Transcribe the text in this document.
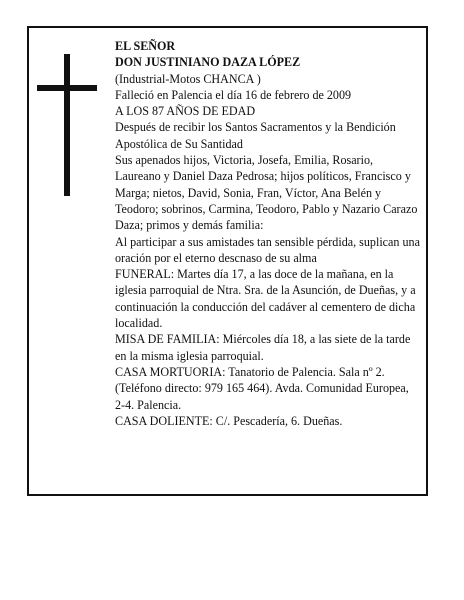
EL SEÑOR

DON JUSTINIANO DAZA LÓPEZ

(Industrial-Motos CHANCA )

Falleció en Palencia el día 16 de febrero de 2009

A LOS 87 AÑOS DE EDAD

Después de recibir los Santos Sacramentos y la Bendición Apostólica de Su Santidad

Sus apenados hijos, Victoria, Josefa, Emilia, Rosario, Laureano y Daniel Daza Pedrosa; hijos políticos, Francisco y Marga; nietos, David, Sonia, Fran, Víctor, Ana Belén y Teodoro; sobrinos, Carmina, Teodoro, Pablo y Nazario Carazo Daza; primos y demás familia:

Al participar a sus amistades tan sensible pérdida, suplican una oración por el eterno descnaso de su alma

FUNERAL: Martes día 17, a las doce de la mañana, en la iglesia parroquial de Ntra. Sra. de la Asunción, de Dueñas, y a continuación la conducción del cadáver al cementero de dicha localidad.

MISA DE FAMILIA: Miércoles día 18, a las siete de la tarde en la misma iglesia parroquial.

CASA MORTUORIA: Tanatorio de Palencia. Sala nº 2. (Teléfono directo: 979 165 464). Avda. Comunidad Europea, 2-4. Palencia.

CASA DOLIENTE: C/. Pescadería, 6. Dueñas.
